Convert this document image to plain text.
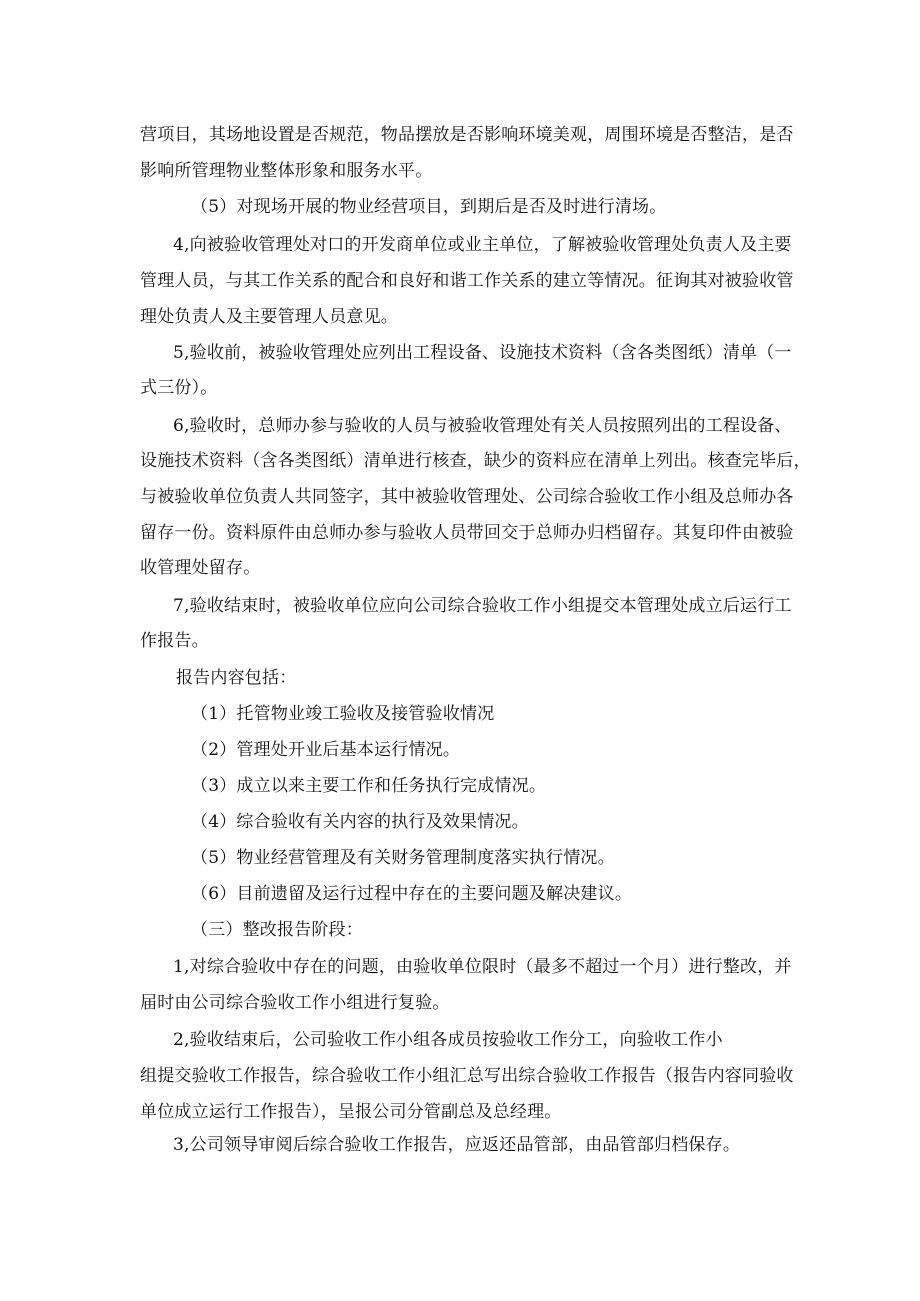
营项目，其场地设置是否规范，物品摆放是否影响环境美观，周围环境是否整洁，是否
影响所管理物业整体形象和服务水平。
（5）对现场开展的物业经营项目，到期后是否及时进行清场。
4,向被验收管理处对口的开发商单位或业主单位，了解被验收管理处负责人及主要
管理人员，与其工作关系的配合和良好和谐工作关系的建立等情况。征询其对被验收管
理处负责人及主要管理人员意见。
5,验收前，被验收管理处应列出工程设备、设施技术资料（含各类图纸）清单（一
式三份）。
6,验收时，总师办参与验收的人员与被验收管理处有关人员按照列出的工程设备、
设施技术资料（含各类图纸）清单进行核查，缺少的资料应在清单上列出。核查完毕后，
与被验收单位负责人共同签字，其中被验收管理处、公司综合验收工作小组及总师办各
留存一份。资料原件由总师办参与验收人员带回交于总师办归档留存。其复印件由被验
收管理处留存。
7,验收结束时，被验收单位应向公司综合验收工作小组提交本管理处成立后运行工
作报告。
报告内容包括：
（1）托管物业竣工验收及接管验收情况
（2）管理处开业后基本运行情况。
（3）成立以来主要工作和任务执行完成情况。
（4）综合验收有关内容的执行及效果情况。
（5）物业经营管理及有关财务管理制度落实执行情况。
（6）目前遗留及运行过程中存在的主要问题及解决建议。
（三）整改报告阶段：
1,对综合验收中存在的问题，由验收单位限时（最多不超过一个月）进行整改，并
届时由公司综合验收工作小组进行复验。
2,验收结束后，公司验收工作小组各成员按验收工作分工，向验收工作小
组提交验收工作报告，综合验收工作小组汇总写出综合验收工作报告（报告内容同验收
单位成立运行工作报告），呈报公司分管副总及总经理。
3,公司领导审阅后综合验收工作报告，应返还品管部，由品管部归档保存。
